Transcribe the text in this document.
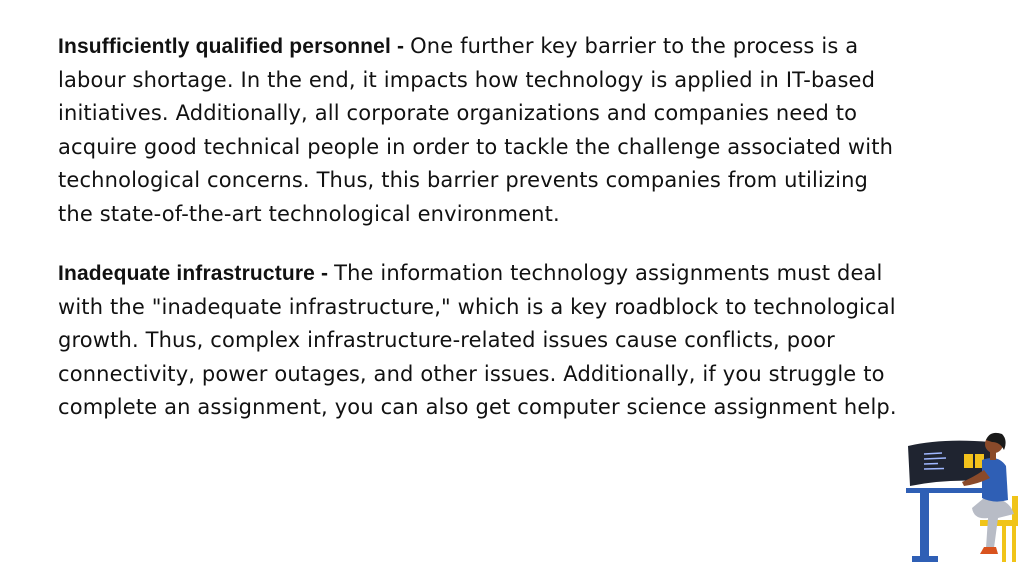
Insufficiently qualified personnel - One further key barrier to the process is a labour shortage. In the end, it impacts how technology is applied in IT-based initiatives. Additionally, all corporate organizations and companies need to acquire good technical people in order to tackle the challenge associated with technological concerns. Thus, this barrier prevents companies from utilizing the state-of-the-art technological environment.

Inadequate infrastructure - The information technology assignments must deal with the "inadequate infrastructure," which is a key roadblock to technological growth. Thus, complex infrastructure-related issues cause conflicts, poor connectivity, power outages, and other issues. Additionally, if you struggle to complete an assignment, you can also get computer science assignment help.
